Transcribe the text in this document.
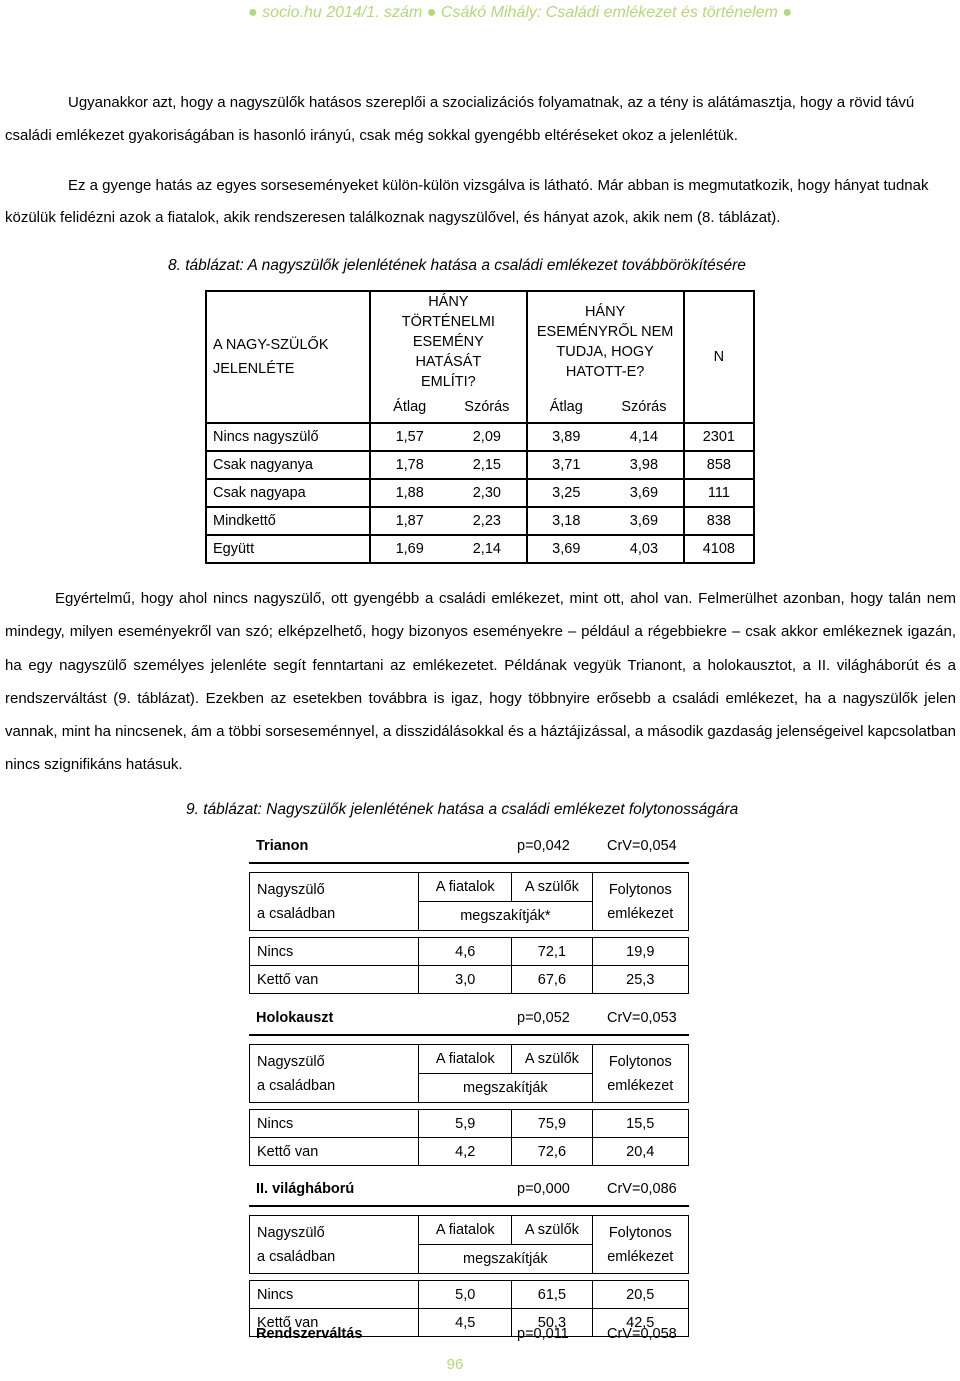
● socio.hu 2014/1. szám ● Csákó Mihály: Családi emlékezet és történelem ●
Ugyanakkor azt, hogy a nagyszülők hatásos szereplői a szocializációs folyamatnak, az a tény is alátámasztja, hogy a rövid távú családi emlékezet gyakoriságában is hasonló irányú, csak még sokkal gyengébb eltéréseket okoz a jelenlétük.
Ez a gyenge hatás az egyes sorseseményeket külön-külön vizsgálva is látható. Már abban is megmutatkozik, hogy hányat tudnak közülük felidézni azok a fiatalok, akik rendszeresen találkoznak nagyszülővel, és hányat azok, akik nem (8. táblázat).
8. táblázat: A nagyszülők jelenlétének hatása a családi emlékezet továbbörökítésére
A NAGY-SZÜLŐK JELENLÉTE	HÁNY TÖRTÉNELMI ESEMÉNY HATÁSÁT EMLÍTI?		HÁNY ESEMÉNYRŐL NEM TUDJA, HOGY HATOTT-E?		N
	Átlag	Szórás	Átlag	Szórás	
Nincs nagyszülő	1,57	2,09	3,89	4,14	2301
Csak nagyanya	1,78	2,15	3,71	3,98	858
Csak nagyapa	1,88	2,30	3,25	3,69	111
Mindkettő	1,87	2,23	3,18	3,69	838
Együtt	1,69	2,14	3,69	4,03	4108
Egyértelmű, hogy ahol nincs nagyszülő, ott gyengébb a családi emlékezet, mint ott, ahol van. Felmerülhet azonban, hogy talán nem mindegy, milyen eseményekről van szó; elképzelhető, hogy bizonyos eseményekre – például a régebbiekre – csak akkor emlékeznek igazán, ha egy nagyszülő személyes jelenléte segít fenntartani az emlékezetet. Példának vegyük Trianont, a holokausztot, a II. világháborút és a rendszerváltást (9. táblázat). Ezekben az esetekben továbbra is igaz, hogy többnyire erősebb a családi emlékezet, ha a nagyszülők jelen vannak, mint ha nincsenek, ám a többi sorseseménnyel, a disszidálásokkal és a háztájizással, a második gazdaság jelenségeivel kapcsolatban nincs szignifikáns hatásuk.
9. táblázat: Nagyszülők jelenlétének hatása a családi emlékezet folytonosságára
Trianon	p=0,042	CrV=0,054
Nagyszülő
a családban	A fiatalok	A szülők	Folytonos
emlékezet
	megszakítják*		

Nincs	4,6	72,1	19,9
Kettő van	3,0	67,6	25,3
Holokauszt	p=0,052	CrV=0,053
Nagyszülő
a családban	A fiatalok	A szülők	Folytonos
emlékezet
	megszakítják		

Nincs	5,9	75,9	15,5
Kettő van	4,2	72,6	20,4
II. világháború	p=0,000	CrV=0,086
Nagyszülő
a családban	A fiatalok	A szülők	Folytonos
emlékezet
	megszakítják		

Nincs	5,0	61,5	20,5
Kettő van	4,5	50,3	42,5
Rendszerváltás	p=0,011	CrV=0,058
96
